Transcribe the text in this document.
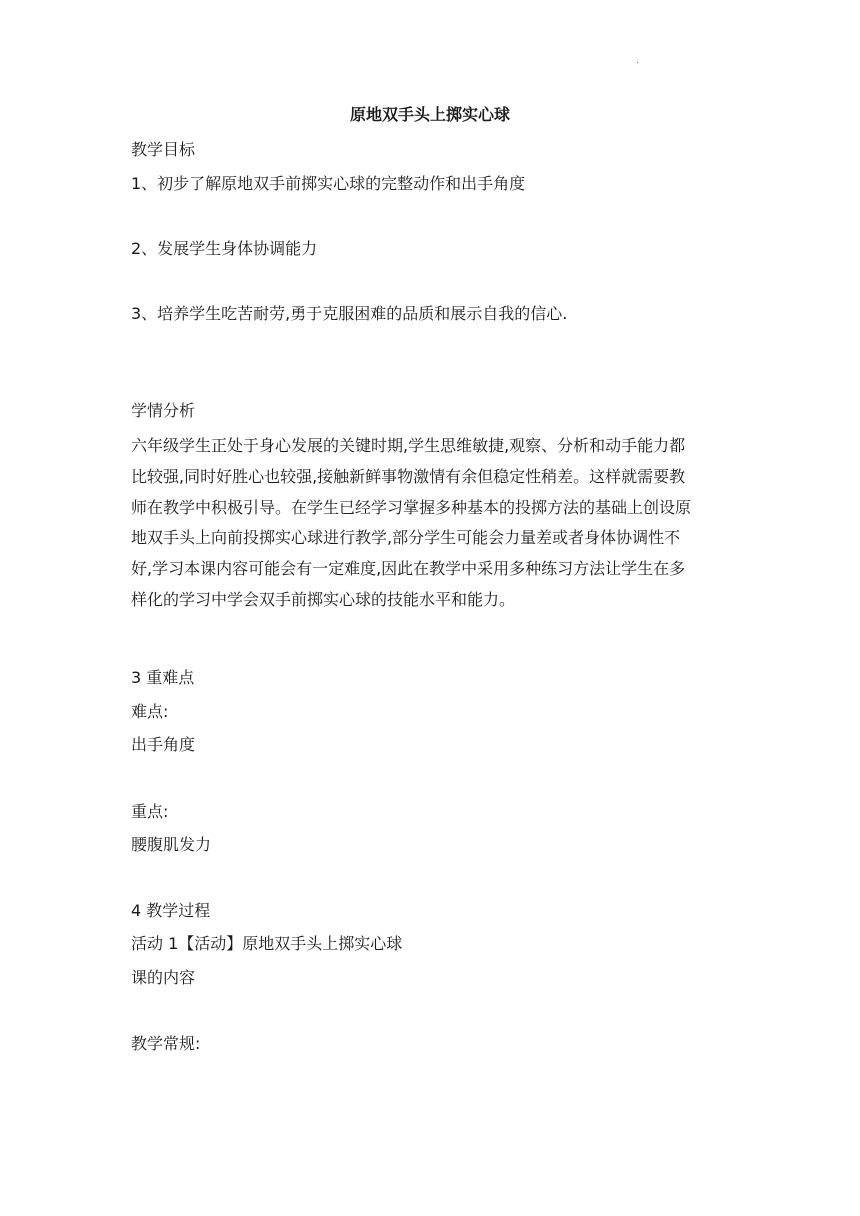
.
原地双手头上掷实心球
教学目标
1、初步了解原地双手前掷实心球的完整动作和出手角度
2、发展学生身体协调能力
3、培养学生吃苦耐劳,勇于克服困难的品质和展示自我的信心.
学情分析
六年级学生正处于身心发展的关键时期,学生思维敏捷,观察、分析和动手能力都
比较强,同时好胜心也较强,接触新鲜事物激情有余但稳定性稍差。这样就需要教
师在教学中积极引导。在学生已经学习掌握多种基本的投掷方法的基础上创设原
地双手头上向前投掷实心球进行教学,部分学生可能会力量差或者身体协调性不
好,学习本课内容可能会有一定难度,因此在教学中采用多种练习方法让学生在多
样化的学习中学会双手前掷实心球的技能水平和能力。
3 重难点
难点:
出手角度
重点:
腰腹肌发力
4 教学过程
活动 1【活动】原地双手头上掷实心球
课的内容
教学常规:
